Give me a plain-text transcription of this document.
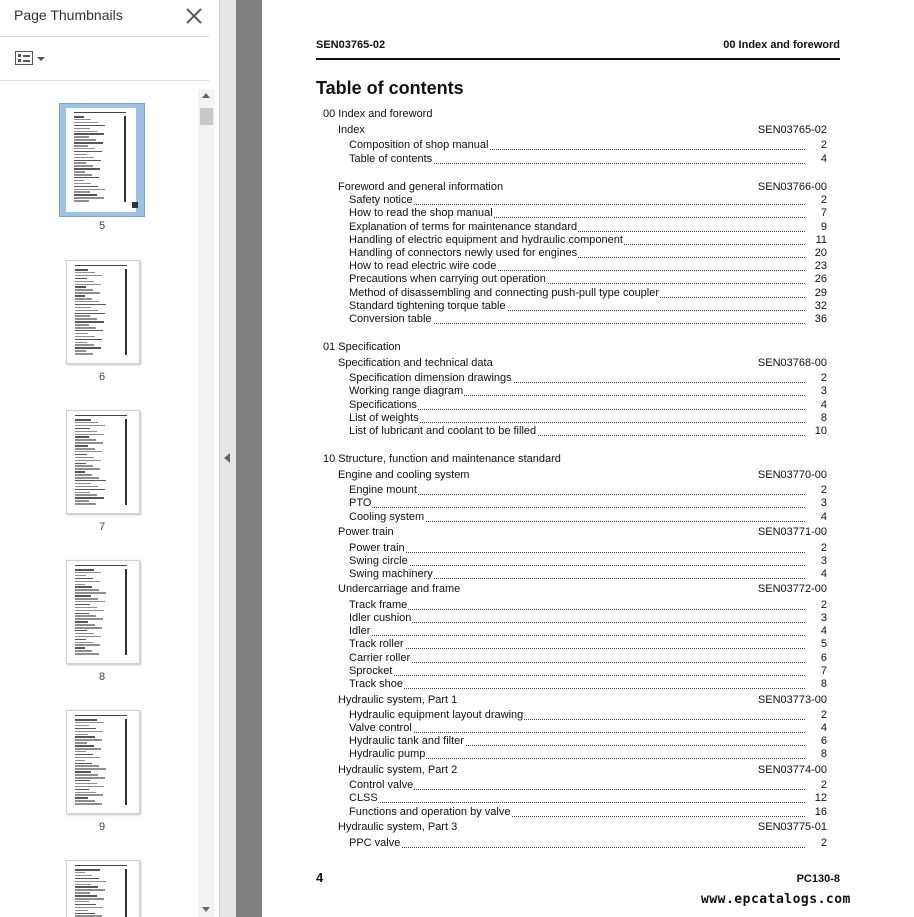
Page Thumbnails
5
6
7
8
9
SEN03765-02	00 Index and foreword
Table of contents
00 Index and foreword
Index	SEN03765-02
Composition of shop manual	2
Table of contents	4
Foreword and general information	SEN03766-00
Safety notice	2
How to read the shop manual	7
Explanation of terms for maintenance standard	9
Handling of electric equipment and hydraulic component	11
Handling of connectors newly used for engines	20
How to read electric wire code	23
Precautions when carrying out operation	26
Method of disassembling and connecting push-pull type coupler	29
Standard tightening torque table	32
Conversion table	36
01 Specification
Specification and technical data	SEN03768-00
Specification dimension drawings	2
Working range diagram	3
Specifications	4
List of weights	8
List of lubricant and coolant to be filled	10
10 Structure, function and maintenance standard
Engine and cooling system	SEN03770-00
Engine mount	2
PTO	3
Cooling system	4
Power train	SEN03771-00
Power train	2
Swing circle	3
Swing machinery	4
Undercarriage and frame	SEN03772-00
Track frame	2
Idler cushion	3
Idler	4
Track roller	5
Carrier roller	6
Sprocket	7
Track shoe	8
Hydraulic system, Part 1	SEN03773-00
Hydraulic equipment layout drawing	2
Valve control	4
Hydraulic tank and filter	6
Hydraulic pump	8
Hydraulic system, Part 2	SEN03774-00
Control valve	2
CLSS	12
Functions and operation by valve	16
Hydraulic system, Part 3	SEN03775-01
PPC valve	2
4	PC130-8
www.epcatalogs.com
